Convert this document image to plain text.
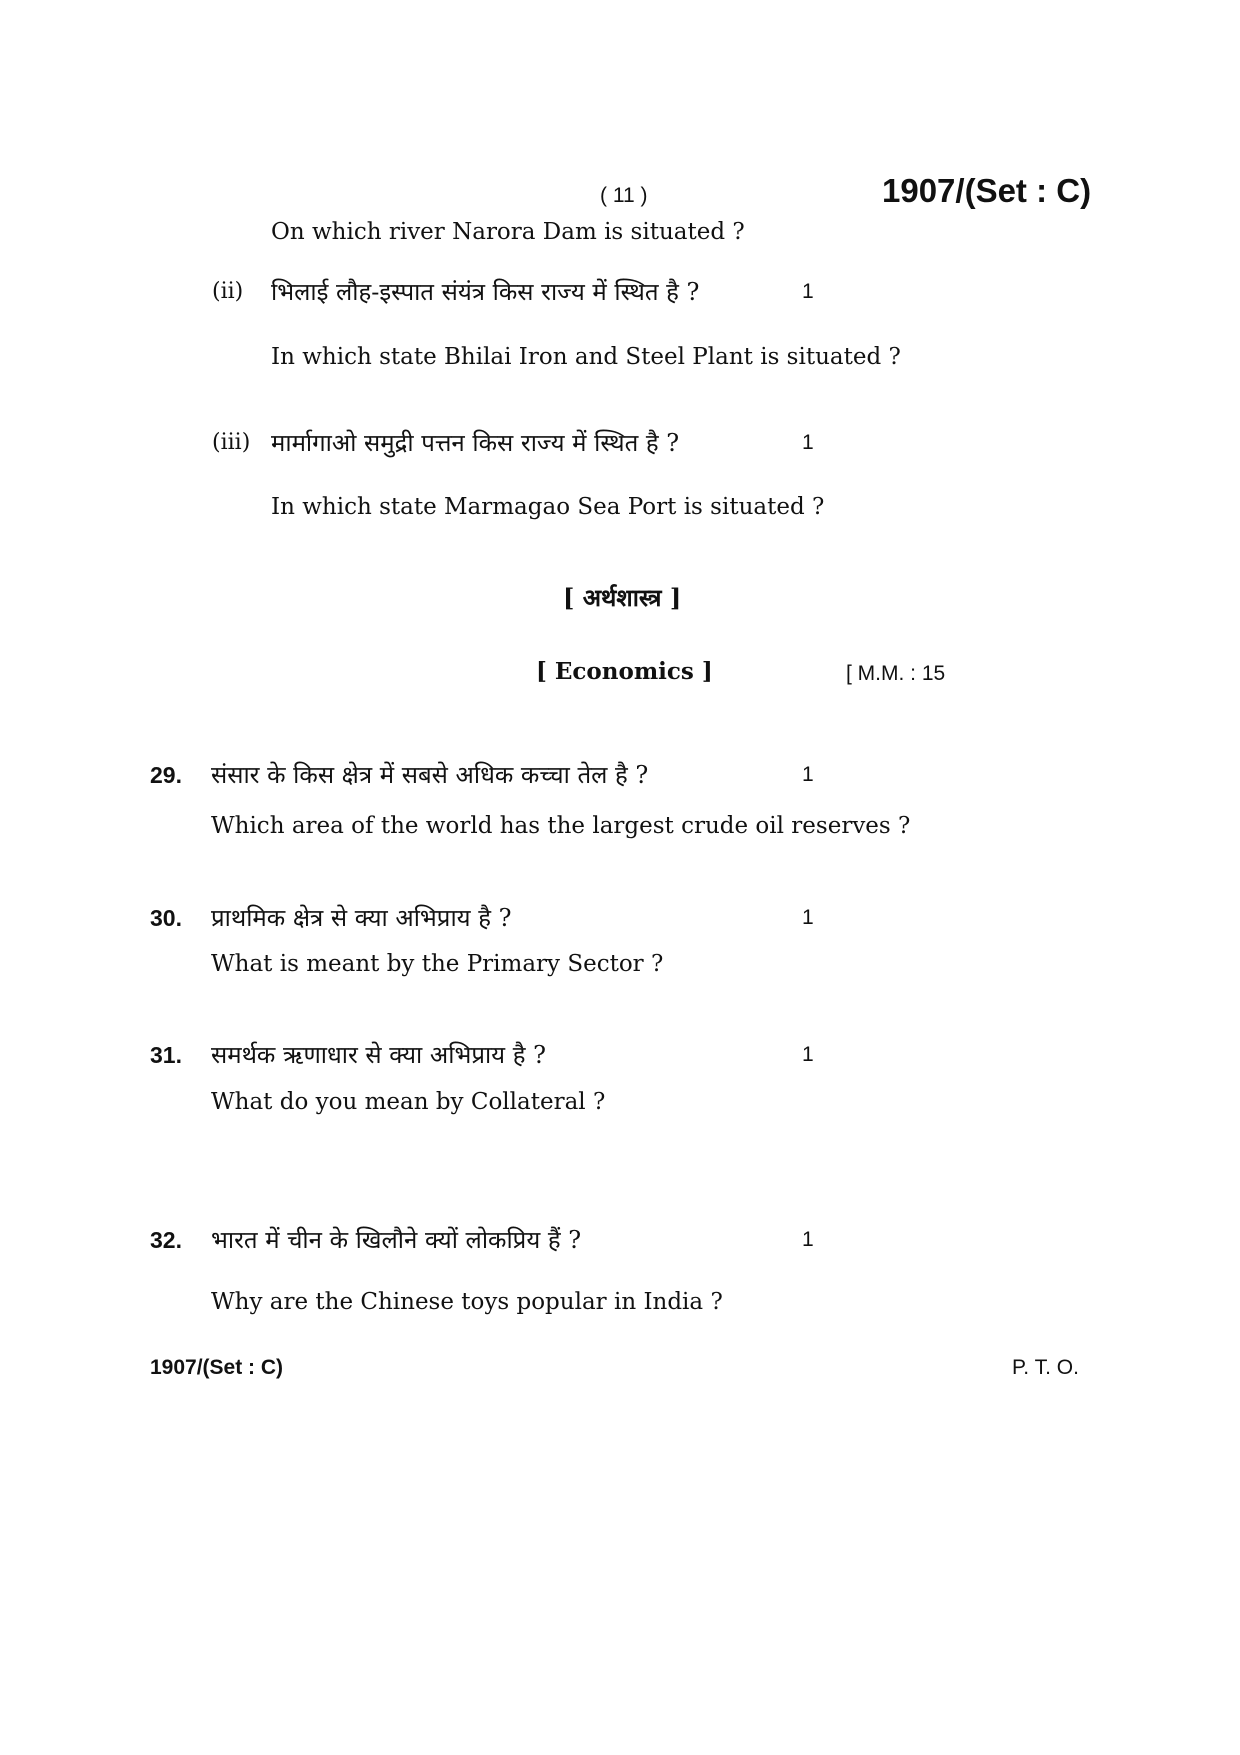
( 11 )	1907/(Set : C)
On which river Narora Dam is situated ?
(ii) भिलाई लौह-इस्पात संयंत्र किस राज्य में स्थित है ?	1
In which state Bhilai Iron and Steel Plant is situated ?
(iii) मार्मागाओ समुद्री पत्तन किस राज्य में स्थित है ?	1
In which state Marmagao Sea Port is situated ?
[ अर्थशास्त्र ]
[ Economics ]	[ M.M. : 15
29. संसार के किस क्षेत्र में सबसे अधिक कच्चा तेल है ?	1
Which area of the world has the largest crude oil reserves ?
30. प्राथमिक क्षेत्र से क्या अभिप्राय है ?	1
What is meant by the Primary Sector ?
31. समर्थक ऋणाधार से क्या अभिप्राय है ?	1
What do you mean by Collateral ?
32. भारत में चीन के खिलौने क्यों लोकप्रिय हैं ?	1
Why are the Chinese toys popular in India ?
1907/(Set : C)	P. T. O.
